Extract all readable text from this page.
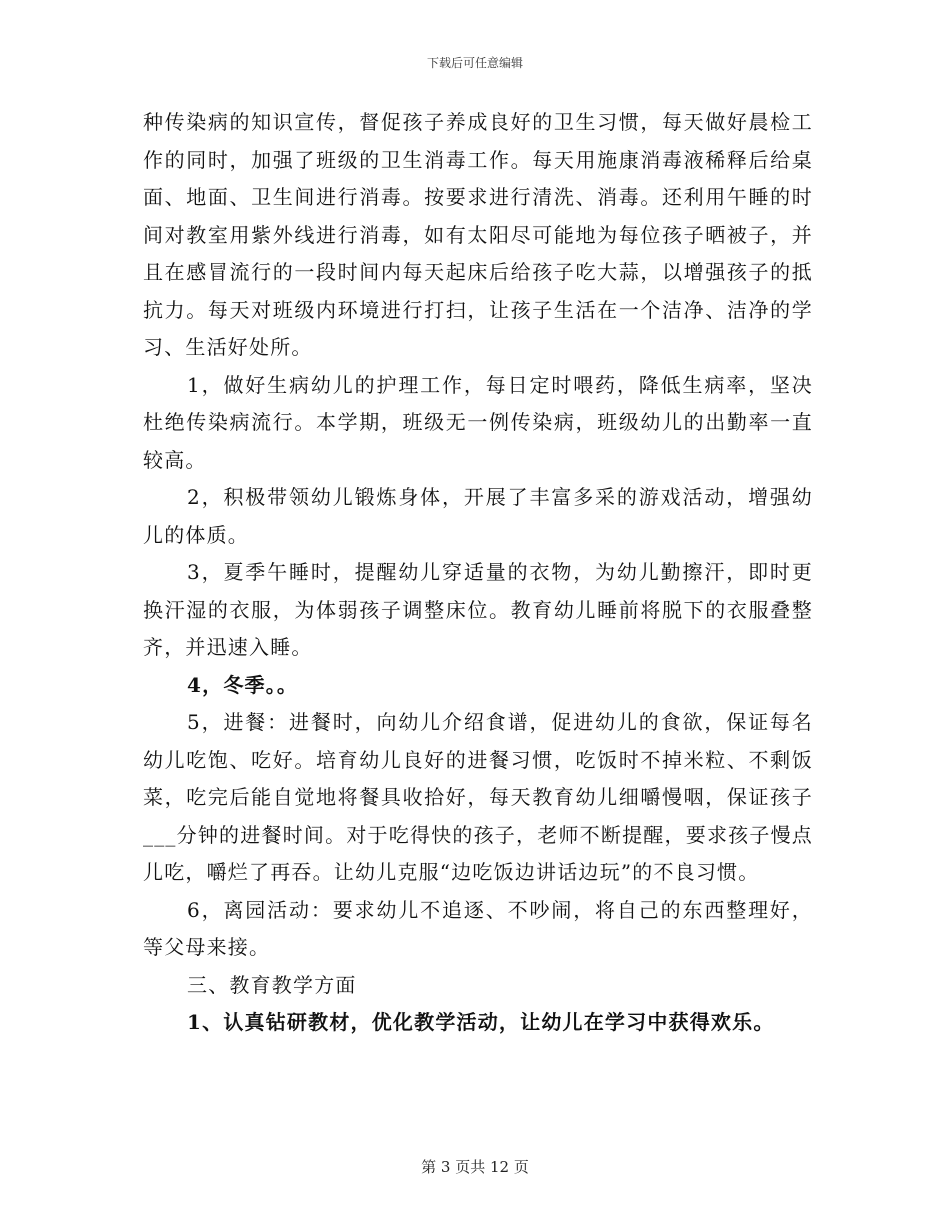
下载后可任意编辑

种传染病的知识宣传，督促孩子养成良好的卫生习惯，每天做好晨检工作的同时，加强了班级的卫生消毒工作。每天用施康消毒液稀释后给桌面、地面、卫生间进行消毒。按要求进行清洗、消毒。还利用午睡的时间对教室用紫外线进行消毒，如有太阳尽可能地为每位孩子晒被子，并且在感冒流行的一段时间内每天起床后给孩子吃大蒜，以增强孩子的抵抗力。每天对班级内环境进行打扫，让孩子生活在一个洁净、洁净的学习、生活好处所。

1，做好生病幼儿的护理工作，每日定时喂药，降低生病率，坚决杜绝传染病流行。本学期，班级无一例传染病，班级幼儿的出勤率一直较高。

2，积极带领幼儿锻炼身体，开展了丰富多采的游戏活动，增强幼儿的体质。

3，夏季午睡时，提醒幼儿穿适量的衣物，为幼儿勤擦汗，即时更换汗湿的衣服，为体弱孩子调整床位。教育幼儿睡前将脱下的衣服叠整齐，并迅速入睡。

4，冬季。。

5，进餐：进餐时，向幼儿介绍食谱，促进幼儿的食欲，保证每名幼儿吃饱、吃好。培育幼儿良好的进餐习惯，吃饭时不掉米粒、不剩饭菜，吃完后能自觉地将餐具收拾好，每天教育幼儿细嚼慢咽，保证孩子___分钟的进餐时间。对于吃得快的孩子，老师不断提醒，要求孩子慢点儿吃，嚼烂了再吞。让幼儿克服“边吃饭边讲话边玩”的不良习惯。

6，离园活动：要求幼儿不追逐、不吵闹，将自己的东西整理好，等父母来接。

三、教育教学方面

1、认真钻研教材，优化教学活动，让幼儿在学习中获得欢乐。

第 3 页共 12 页
